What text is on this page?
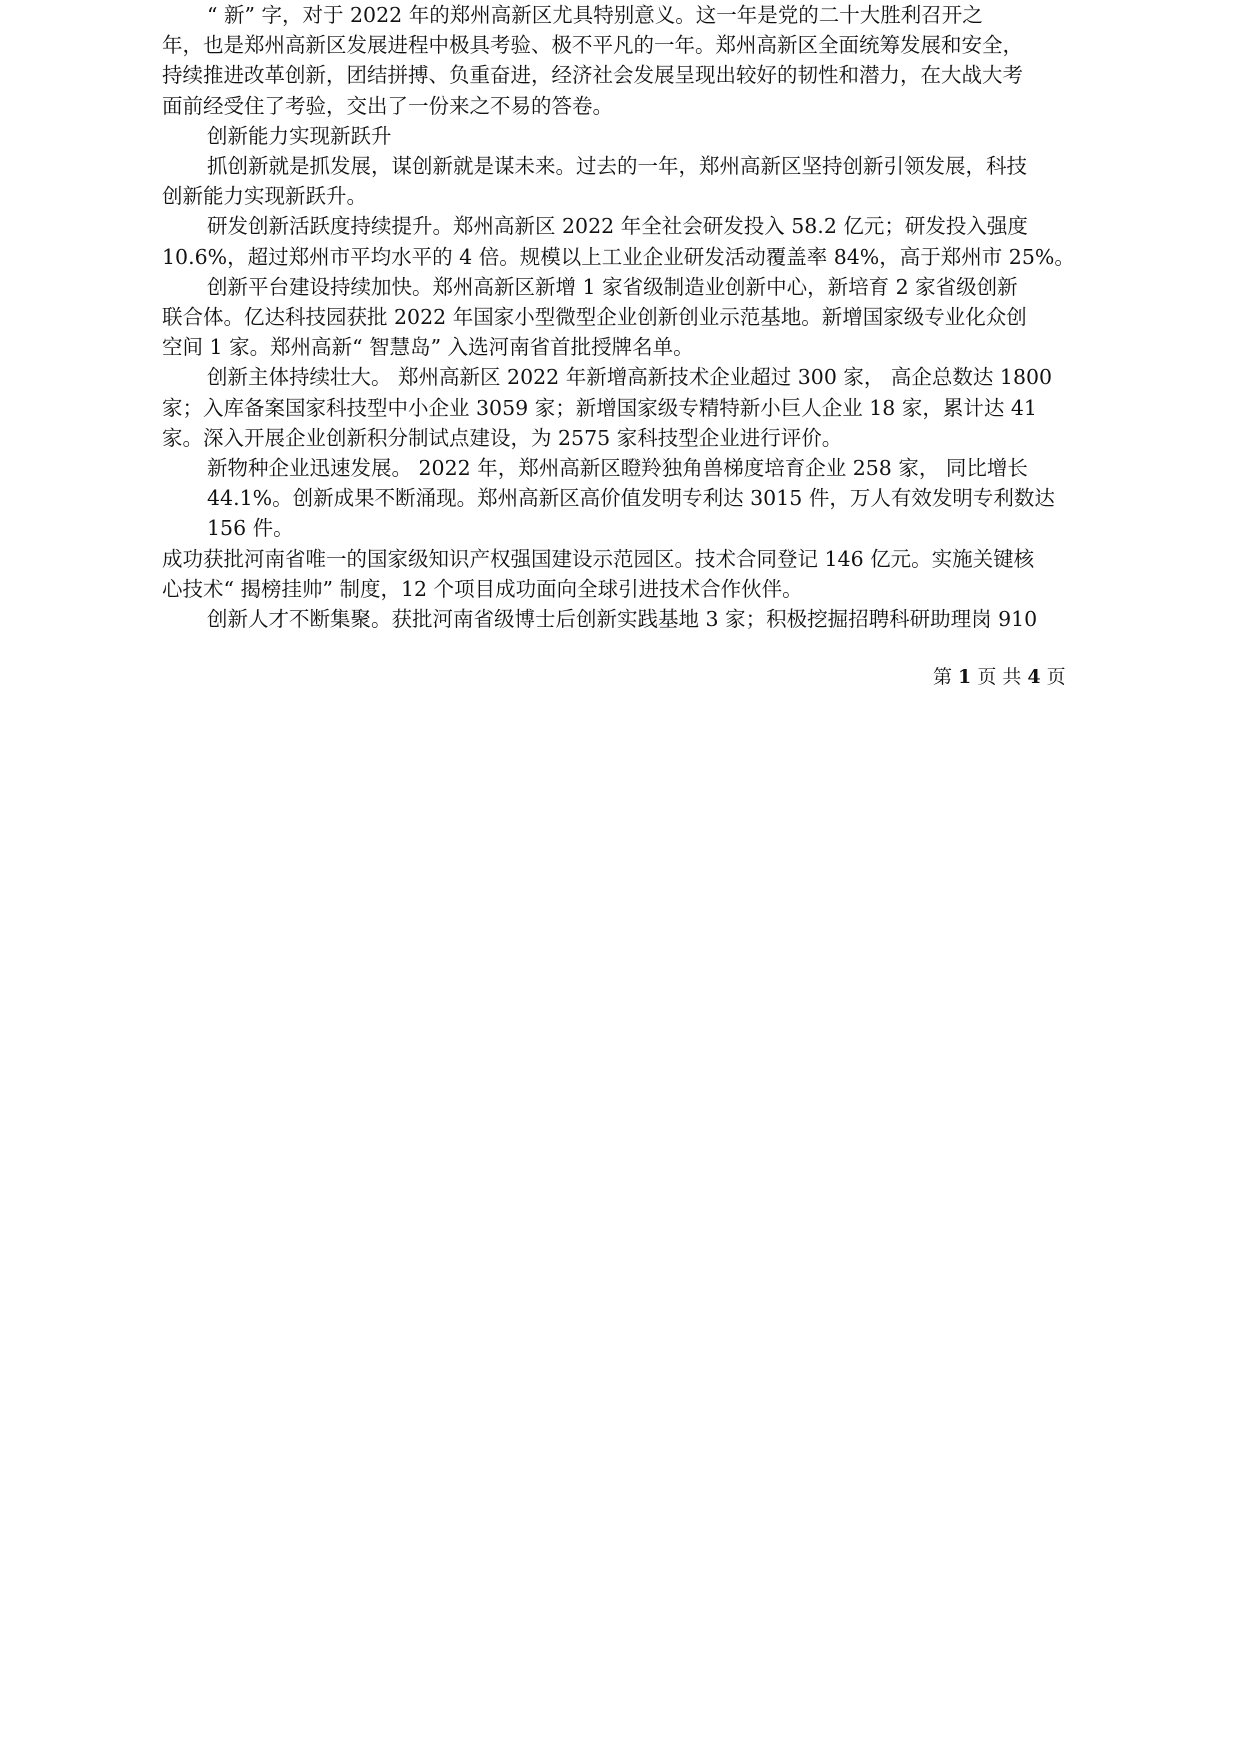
“ 新” 字，对于 2022 年的郑州高新区尤具特别意义。这一年是党的二十大胜利召开之

年，也是郑州高新区发展进程中极具考验、极不平凡的一年。郑州高新区全面统筹发展和安全，

持续推进改革创新，团结拼搏、负重奋进，经济社会发展呈现出较好的韧性和潜力，在大战大考

面前经受住了考验，交出了一份来之不易的答卷。

创新能力实现新跃升

抓创新就是抓发展，谋创新就是谋未来。过去的一年，郑州高新区坚持创新引领发展，科技

创新能力实现新跃升。

研发创新活跃度持续提升。郑州高新区 2022 年全社会研发投入 58.2 亿元；研发投入强度

10.6%，超过郑州市平均水平的 4 倍。规模以上工业企业研发活动覆盖率 84%，高于郑州市 25%。

创新平台建设持续加快。郑州高新区新增 1 家省级制造业创新中心，新培育 2 家省级创新

联合体。亿达科技园获批 2022 年国家小型微型企业创新创业示范基地。新增国家级专业化众创

空间 1 家。郑州高新“ 智慧岛” 入选河南省首批授牌名单。

创新主体持续壮大。 郑州高新区 2022 年新增高新技术企业超过 300 家， 高企总数达 1800

家；入库备案国家科技型中小企业 3059 家；新增国家级专精特新小巨人企业 18 家，累计达 41

家。深入开展企业创新积分制试点建设，为 2575 家科技型企业进行评价。

新物种企业迅速发展。 2022 年，郑州高新区瞪羚独角兽梯度培育企业 258 家， 同比增长

44.1%。创新成果不断涌现。郑州高新区高价值发明专利达 3015 件，万人有效发明专利数达

156 件。

成功获批河南省唯一的国家级知识产权强国建设示范园区。技术合同登记 146 亿元。实施关键核

心技术“ 揭榜挂帅” 制度，12 个项目成功面向全球引进技术合作伙伴。

创新人才不断集聚。获批河南省级博士后创新实践基地 3 家；积极挖掘招聘科研助理岗 910

第 1 页 共 4 页
